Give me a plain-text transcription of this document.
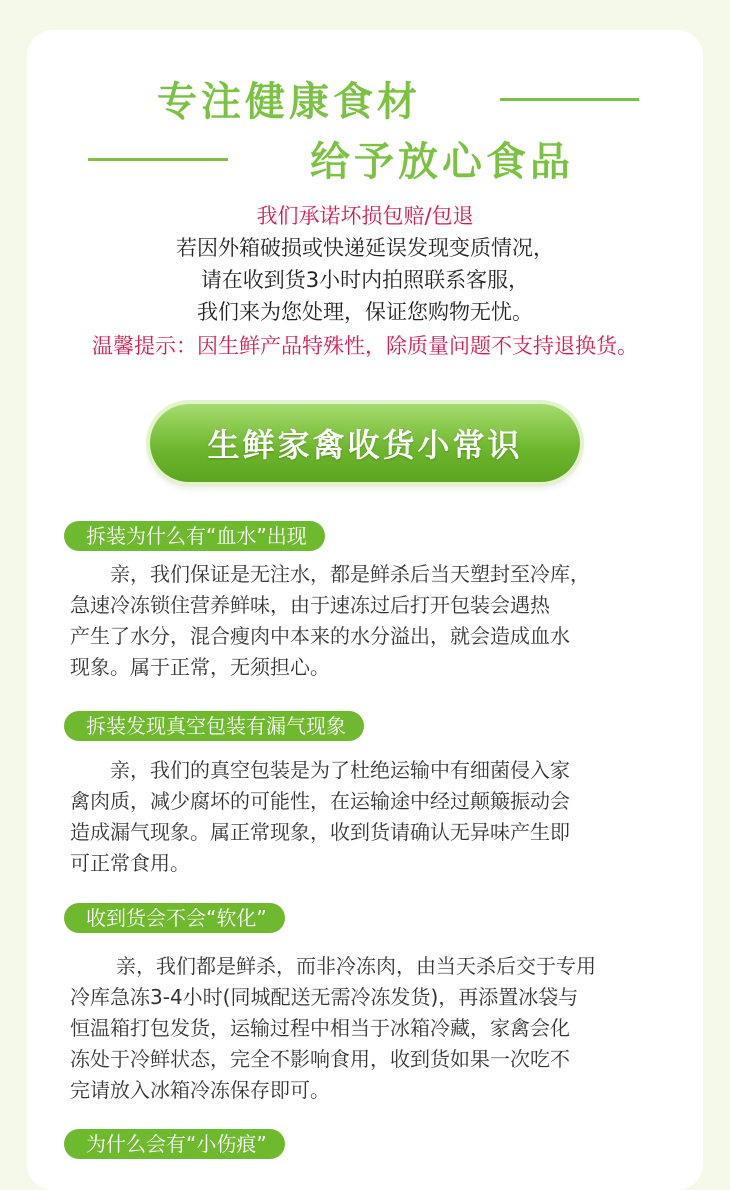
专注健康食材
给予放心食品
我们承诺坏损包赔/包退
若因外箱破损或快递延误发现变质情况，
请在收到货3小时内拍照联系客服，
我们来为您处理，保证您购物无忧。
温馨提示：因生鲜产品特殊性，除质量问题不支持退换货。
生鲜家禽收货小常识
拆装为什么有“血水”出现
亲，我们保证是无注水，都是鲜杀后当天塑封至冷库，
急速冷冻锁住营养鲜味，由于速冻过后打开包装会遇热
产生了水分，混合瘦肉中本来的水分溢出，就会造成血水
现象。属于正常，无须担心。
拆装发现真空包装有漏气现象
亲，我们的真空包装是为了杜绝运输中有细菌侵入家
禽肉质，减少腐坏的可能性，在运输途中经过颠簸振动会
造成漏气现象。属正常现象，收到货请确认无异味产生即
可正常食用。
收到货会不会“软化”
亲，我们都是鲜杀，而非冷冻肉，由当天杀后交于专用
冷库急冻3-4小时(同城配送无需冷冻发货)，再添置冰袋与
恒温箱打包发货，运输过程中相当于冰箱冷藏，家禽会化
冻处于冷鲜状态，完全不影响食用，收到货如果一次吃不
完请放入冰箱冷冻保存即可。
为什么会有“小伤痕”
